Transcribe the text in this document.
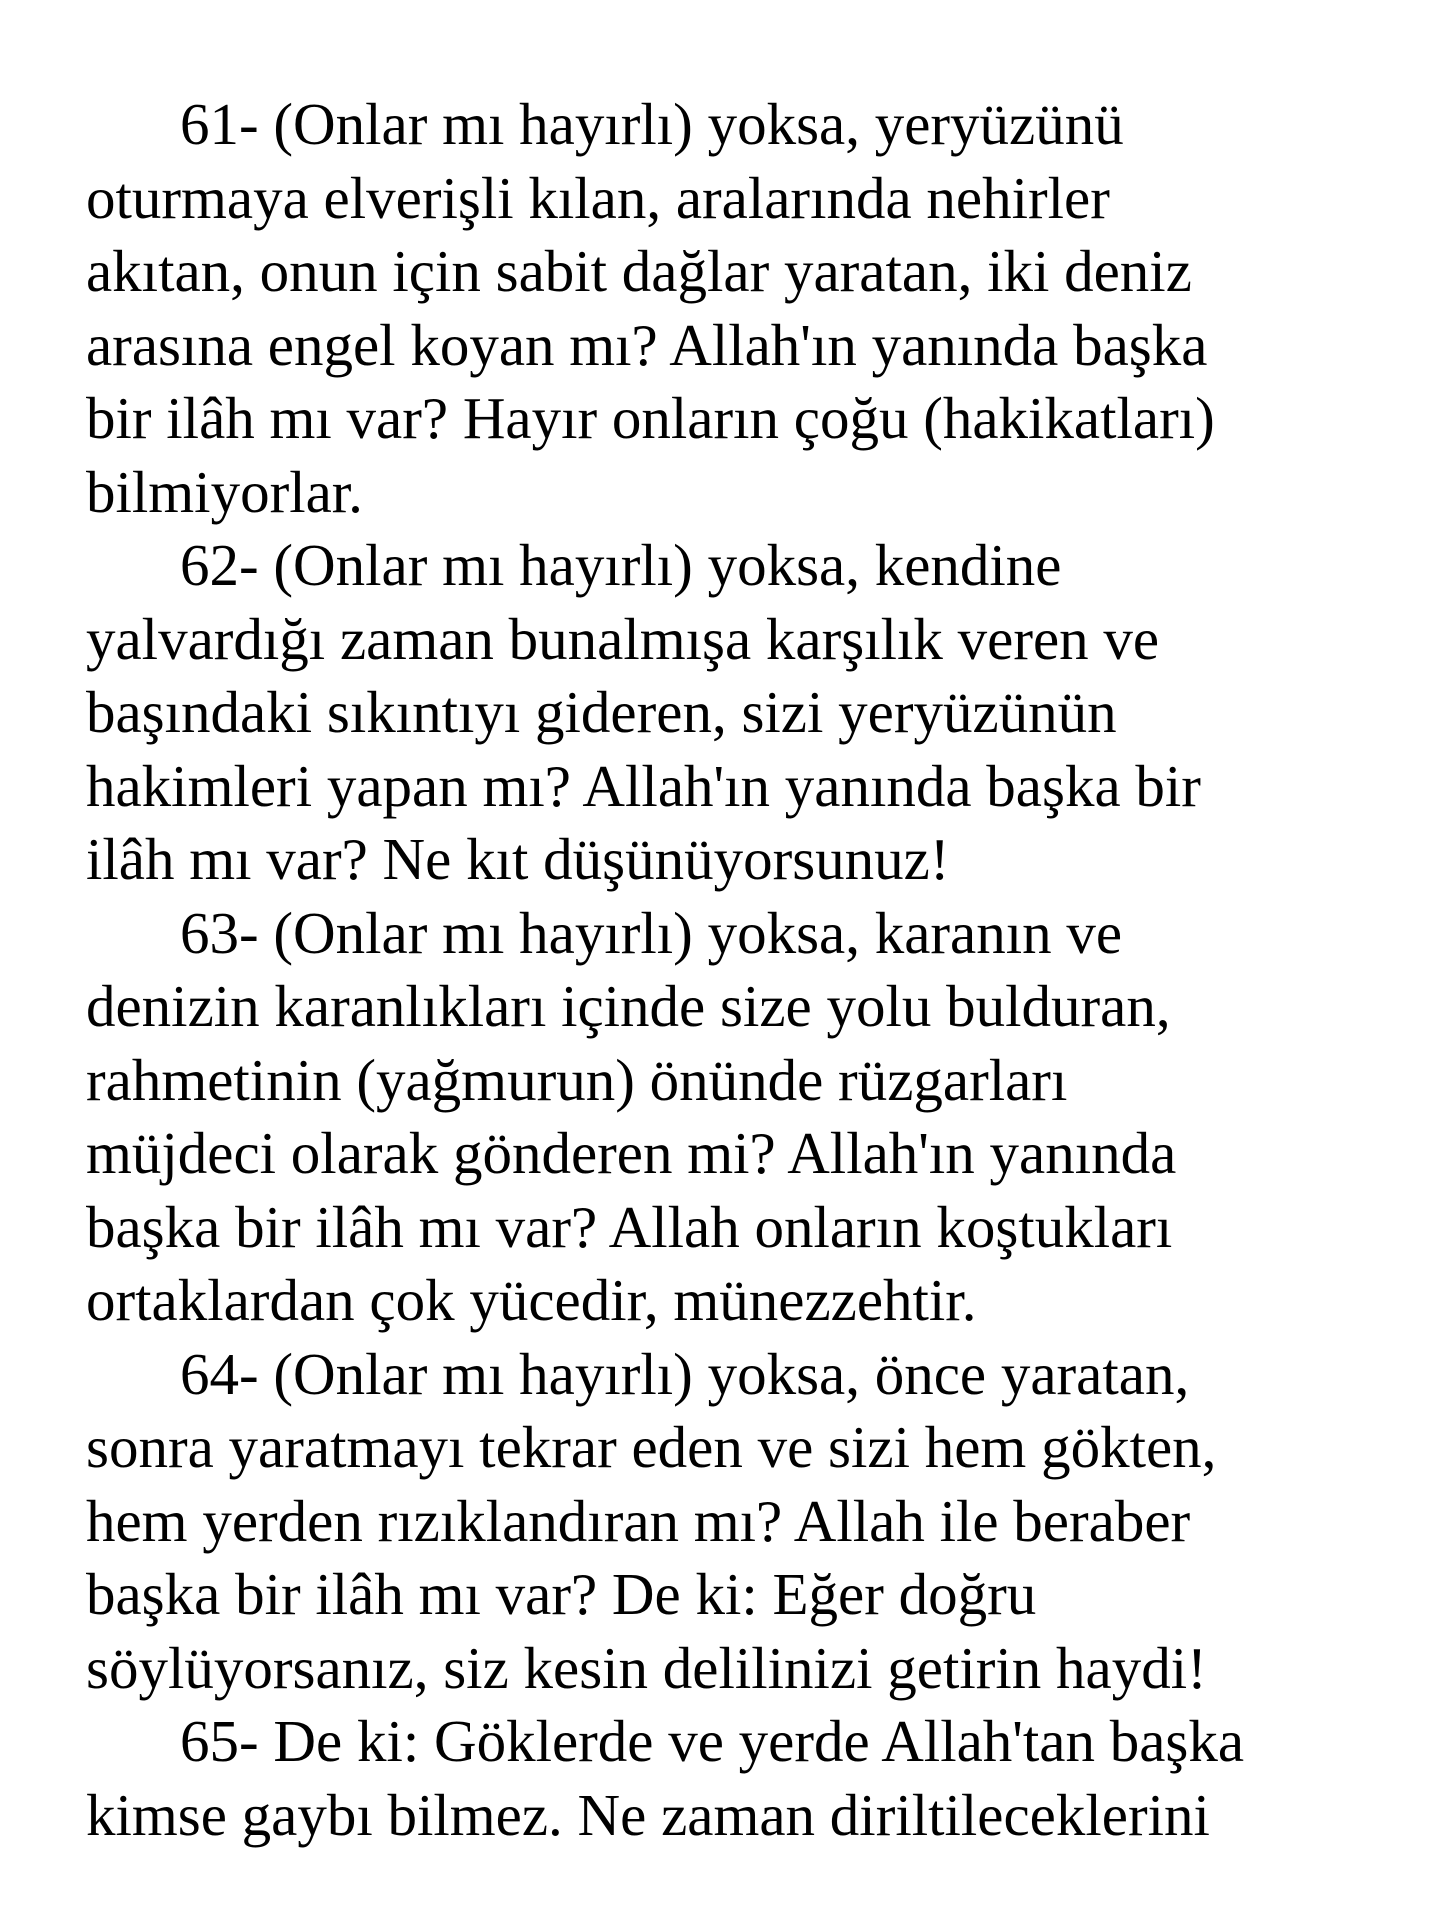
61- (Onlar mı hayırlı) yoksa, yeryüzünü
oturmaya elverişli kılan, aralarında nehirler
akıtan, onun için sabit dağlar yaratan, iki deniz
arasına engel koyan mı? Allah'ın yanında başka
bir ilâh mı var? Hayır onların çoğu (hakikatları)
bilmiyorlar.
62- (Onlar mı hayırlı) yoksa, kendine
yalvardığı zaman bunalmışa karşılık veren ve
başındaki sıkıntıyı gideren, sizi yeryüzünün
hakimleri yapan mı? Allah'ın yanında başka bir
ilâh mı var? Ne kıt düşünüyorsunuz!
63- (Onlar mı hayırlı) yoksa, karanın ve
denizin karanlıkları içinde size yolu bulduran,
rahmetinin (yağmurun) önünde rüzgarları
müjdeci olarak gönderen mi? Allah'ın yanında
başka bir ilâh mı var? Allah onların koştukları
ortaklardan çok yücedir, münezzehtir.
64- (Onlar mı hayırlı) yoksa, önce yaratan,
sonra yaratmayı tekrar eden ve sizi hem gökten,
hem yerden rızıklandıran mı? Allah ile beraber
başka bir ilâh mı var? De ki: Eğer doğru
söylüyorsanız, siz kesin delilinizi getirin haydi!
65- De ki: Göklerde ve yerde Allah'tan başka
kimse gaybı bilmez. Ne zaman diriltileceklerini
